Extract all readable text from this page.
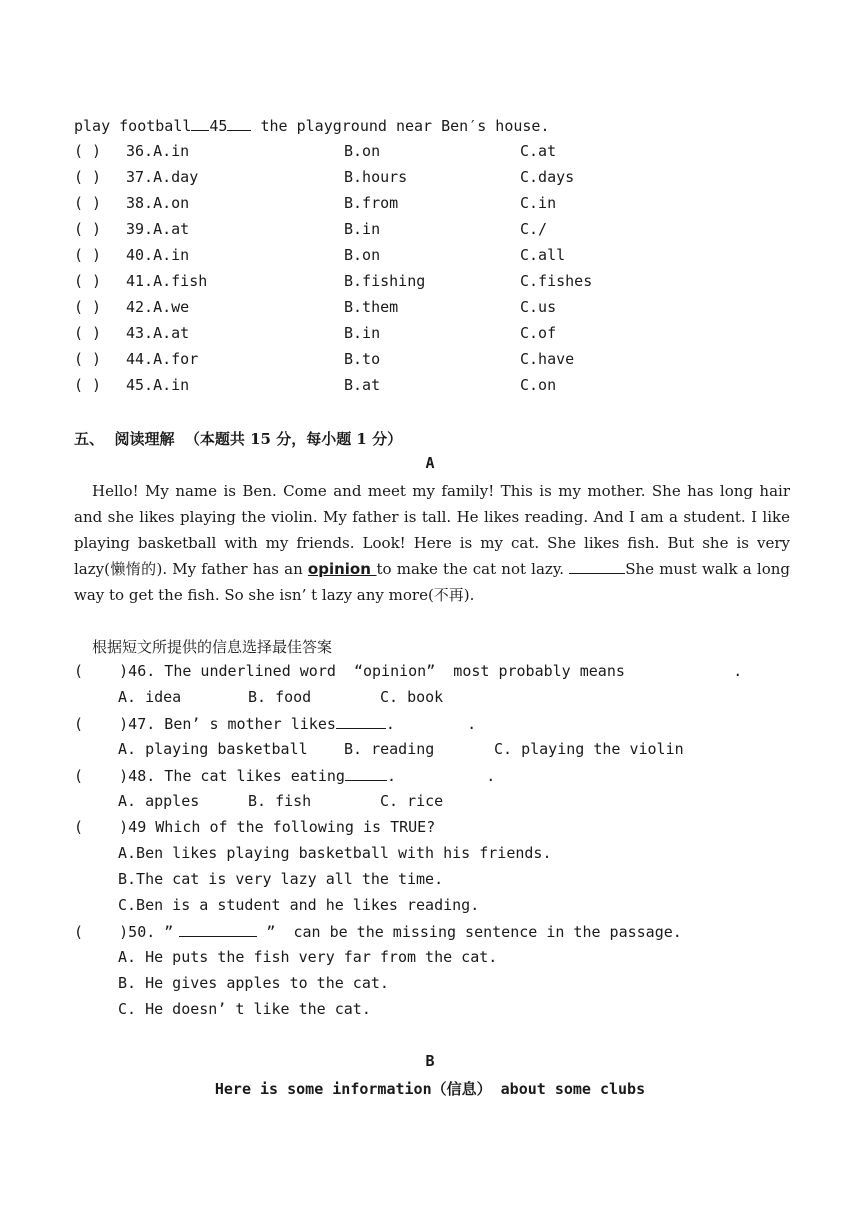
play football 45 the playground near Ben′s house.
( ) 36.A.in	B.on	C.at
( ) 37.A.day	B.hours	C.days
( ) 38.A.on	B.from	C.in
( ) 39.A.at	B.in	C./
( ) 40.A.in	B.on	C.all
( ) 41.A.fish	B.fishing	C.fishes
( ) 42.A.we	B.them	C.us
( ) 43.A.at	B.in	C.of
( ) 44.A.for	B.to	C.have
( ) 45.A.in	B.at	C.on
五、  阅读理解  （本题共 15 分，每小题 1 分）
A
Hello! My name is Ben. Come and meet my family! This is my mother. She has long hair and she likes playing the violin. My father is tall. He likes reading. And I am a student. I like playing basketball with my friends. Look! Here is my cat. She likes fish. But she is very lazy(懒惰的). My father has an opinion to make the cat not lazy.	She must walk a long way to get the fish. So she isn’ t lazy any more(不再).
根据短文所提供的信息选择最佳答案
(    )46. The underlined word  “opinion”  most probably means            .
A. idea	B. food	C. book
(    )47. Ben’ s mother likes	.        .
A. playing basketball B. reading	C. playing the violin
(    )48. The cat likes eating	.          .
A. apples	B. fish	C. rice
(    )49 Which of the following is TRUE?
A.Ben likes playing basketball with his friends.
B.The cat is very lazy all the time.
C.Ben is a student and he likes reading.
(    )50. ”	”  can be the missing sentence in the passage.
A. He puts the fish very far from the cat.
B. He gives apples to the cat.
C. He doesn’ t like the cat.
B
Here is some information（信息） about some clubs
